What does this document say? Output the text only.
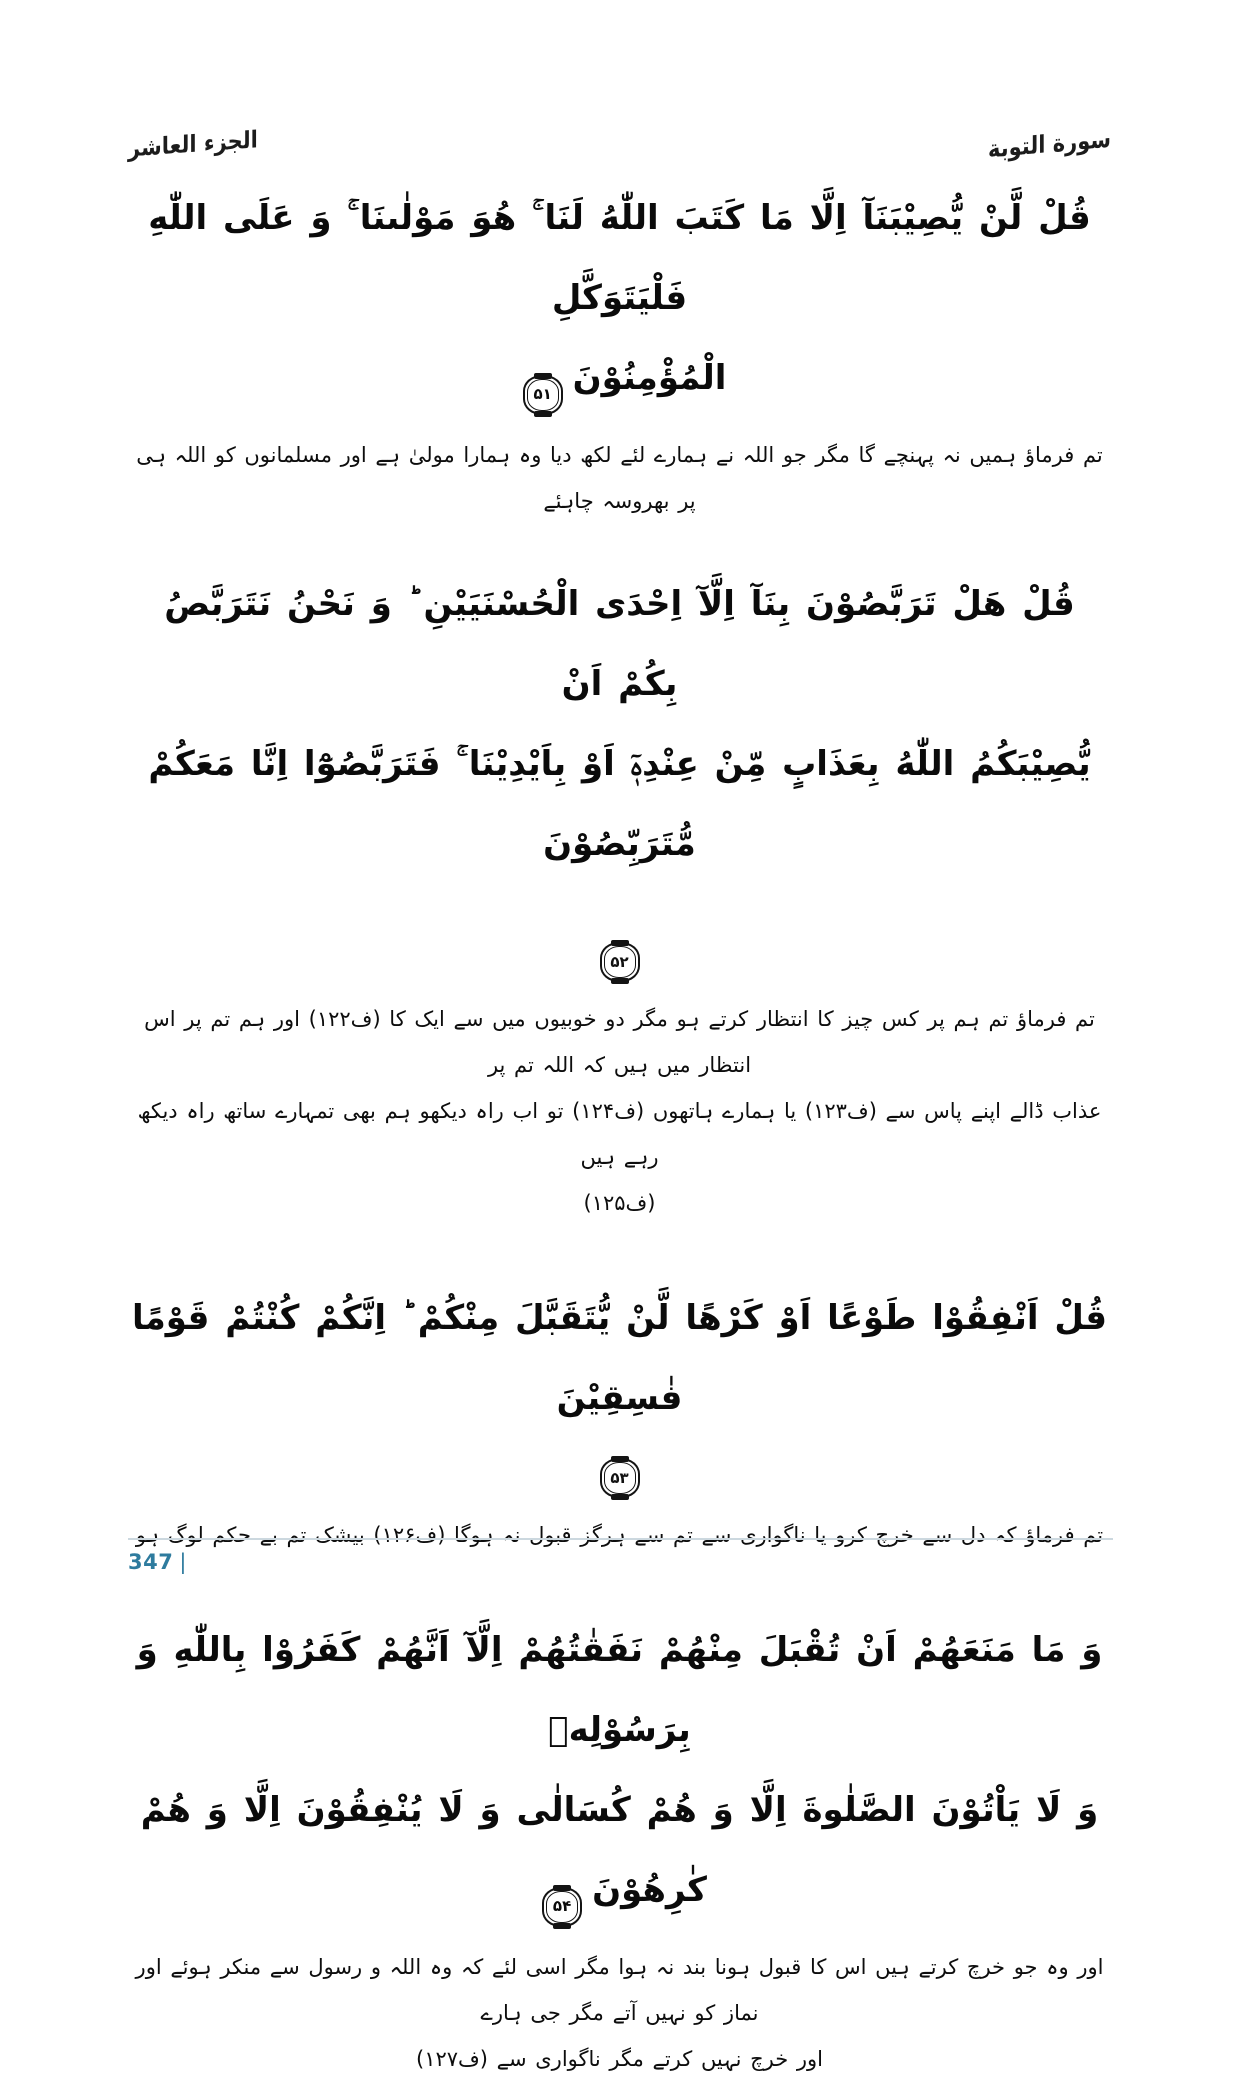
الجزء العاشر	سورة التوبة
قُلْ لَّنْ يُّصِيْبَنَآ اِلَّا مَا كَتَبَ اللّٰهُ لَنَا ۚ هُوَ مَوْلٰىنَا ۚ وَ عَلَى اللّٰهِ فَلْيَتَوَكَّلِ
الْمُؤْمِنُوْنَ
۵۱
تم فرماؤ ہمیں نہ پہنچے گا مگر جو اللہ نے ہمارے لئے لکھ دیا وہ ہمارا مولیٰ ہے اور مسلمانوں کو اللہ ہی پر بھروسہ چاہئے
قُلْ هَلْ تَرَبَّصُوْنَ بِنَآ اِلَّآ اِحْدَى الْحُسْنَيَيْنِ ؕ وَ نَحْنُ نَتَرَبَّصُ بِكُمْ اَنْ
يُّصِيْبَكُمُ اللّٰهُ بِعَذَابٍ مِّنْ عِنْدِهٖٓ اَوْ بِاَيْدِيْنَا ۚ فَتَرَبَّصُوْٓا اِنَّا مَعَكُمْ مُّتَرَبِّصُوْنَ
۵۲
تم فرماؤ تم ہم پر کس چیز کا انتظار کرتے ہو مگر دو خوبیوں میں سے ایک کا (ف۱۲۲) اور ہم تم پر اس انتظار میں ہیں کہ اللہ تم پر
عذاب ڈالے اپنے پاس سے (ف۱۲۳) یا ہمارے ہاتھوں (ف۱۲۴) تو اب راہ دیکھو ہم بھی تمہارے ساتھ راہ دیکھ رہے ہیں
(ف۱۲۵)
قُلْ اَنْفِقُوْا طَوْعًا اَوْ كَرْهًا لَّنْ يُّتَقَبَّلَ مِنْكُمْ ؕ اِنَّكُمْ كُنْتُمْ قَوْمًا فٰسِقِيْنَ
۵۳
تم فرماؤ کہ دل سے خرچ کرو یا ناگواری سے تم سے ہرگز قبول نہ ہوگا (ف۱۲۶) بیشک تم بے حکم لوگ ہو
وَ مَا مَنَعَهُمْ اَنْ تُقْبَلَ مِنْهُمْ نَفَقٰتُهُمْ اِلَّآ اَنَّهُمْ كَفَرُوْا بِاللّٰهِ وَ بِرَسُوْلِهٖ
وَ لَا يَاْتُوْنَ الصَّلٰوةَ اِلَّا وَ هُمْ كُسَالٰى وَ لَا يُنْفِقُوْنَ اِلَّا وَ هُمْ كٰرِهُوْنَ
۵۴
اور وہ جو خرچ کرتے ہیں اس کا قبول ہونا بند نہ ہوا مگر اسی لئے کہ وہ اللہ و رسول سے منکر ہوئے اور نماز کو نہیں آتے مگر جی ہارے
اور خرچ نہیں کرتے مگر ناگواری سے (ف۱۲۷)
347 |
